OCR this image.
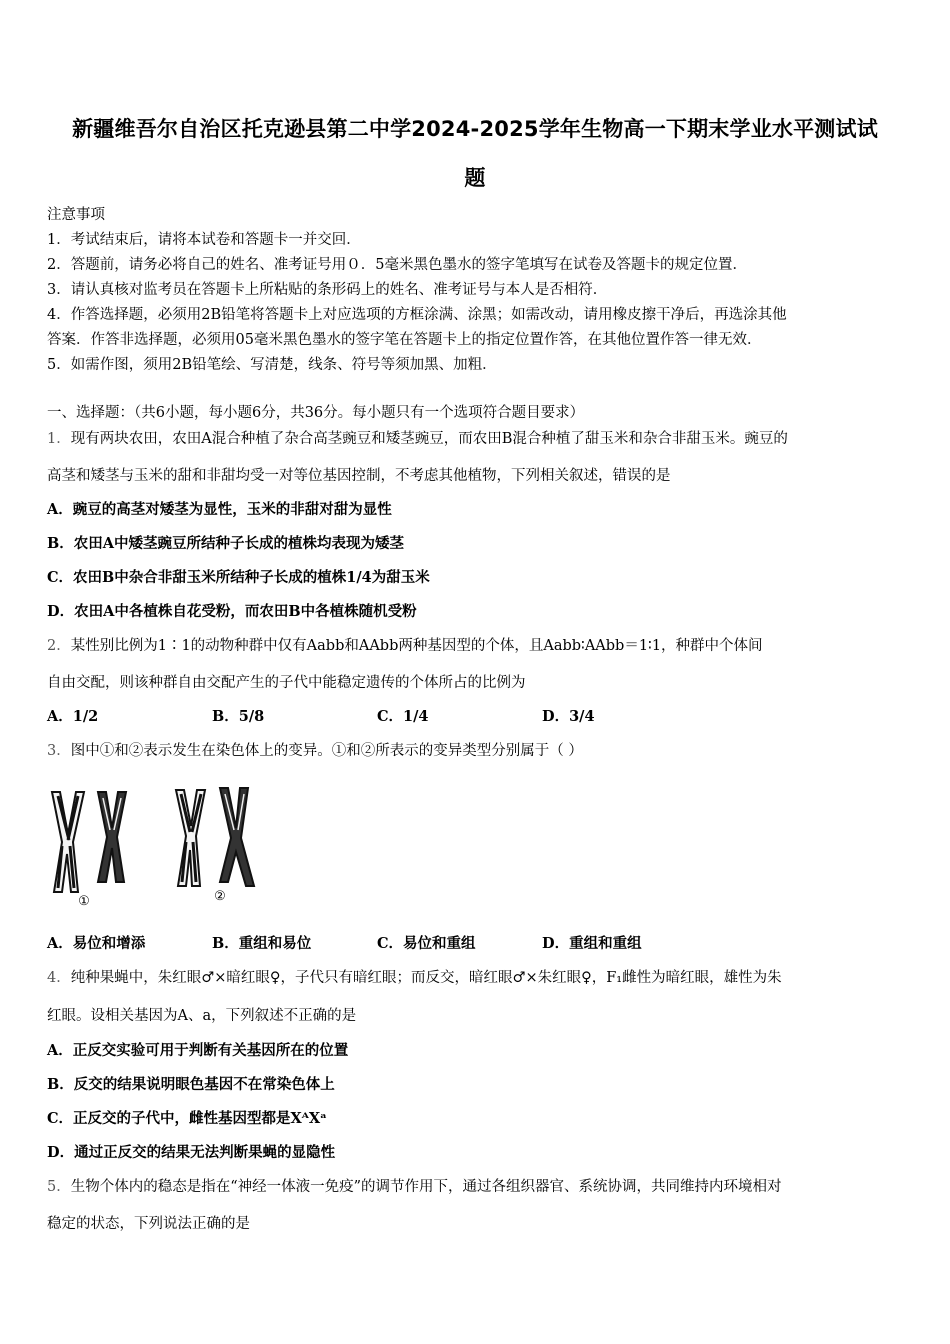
新疆维吾尔自治区托克逊县第二中学2024-2025学年生物高一下期末学业水平测试试
题
注意事项
1．考试结束后，请将本试卷和答题卡一并交回．
2．答题前，请务必将自己的姓名、准考证号用０．5毫米黑色墨水的签字笔填写在试卷及答题卡的规定位置．
3．请认真核对监考员在答题卡上所粘贴的条形码上的姓名、准考证号与本人是否相符．
4．作答选择题，必须用2B铅笔将答题卡上对应选项的方框涂满、涂黑；如需改动，请用橡皮擦干净后，再选涂其他
答案．作答非选择题，必须用05毫米黑色墨水的签字笔在答题卡上的指定位置作答，在其他位置作答一律无效．
5．如需作图，须用2B铅笔绘、写清楚，线条、符号等须加黑、加粗．
一、选择题：（共6小题，每小题6分，共36分。每小题只有一个选项符合题目要求）
1．现有两块农田，农田A混合种植了杂合高茎豌豆和矮茎豌豆，而农田B混合种植了甜玉米和杂合非甜玉米。豌豆的
高茎和矮茎与玉米的甜和非甜均受一对等位基因控制，不考虑其他植物，下列相关叙述，错误的是
A．豌豆的高茎对矮茎为显性，玉米的非甜对甜为显性
B．农田A中矮茎豌豆所结种子长成的植株均表现为矮茎
C．农田B中杂合非甜玉米所结种子长成的植株1/4为甜玉米
D．农田A中各植株自花受粉，而农田B中各植株随机受粉
2．某性别比例为1∶1的动物种群中仅有Aabb和AAbb两种基因型的个体，且Aabb∶AAbb＝1∶1，种群中个体间
自由交配，则该种群自由交配产生的子代中能稳定遗传的个体所占的比例为
A．1/2	B．5/8	C．1/4	D．3/4
3．图中①和②表示发生在染色体上的变异。①和②所表示的变异类型分别属于（ ）
①	②
A．易位和增添	B．重组和易位	C．易位和重组	D．重组和重组
4．纯种果蝇中，朱红眼♂×暗红眼♀，子代只有暗红眼；而反交，暗红眼♂×朱红眼♀，F₁雌性为暗红眼，雄性为朱
红眼。设相关基因为A、a，下列叙述不正确的是
A．正反交实验可用于判断有关基因所在的位置
B．反交的结果说明眼色基因不在常染色体上
C．正反交的子代中，雌性基因型都是XᴬXᵃ
D．通过正反交的结果无法判断果蝇的显隐性
5．生物个体内的稳态是指在“神经一体液一免疫”的调节作用下，通过各组织器官、系统协调，共同维持内环境相对
稳定的状态，下列说法正确的是
